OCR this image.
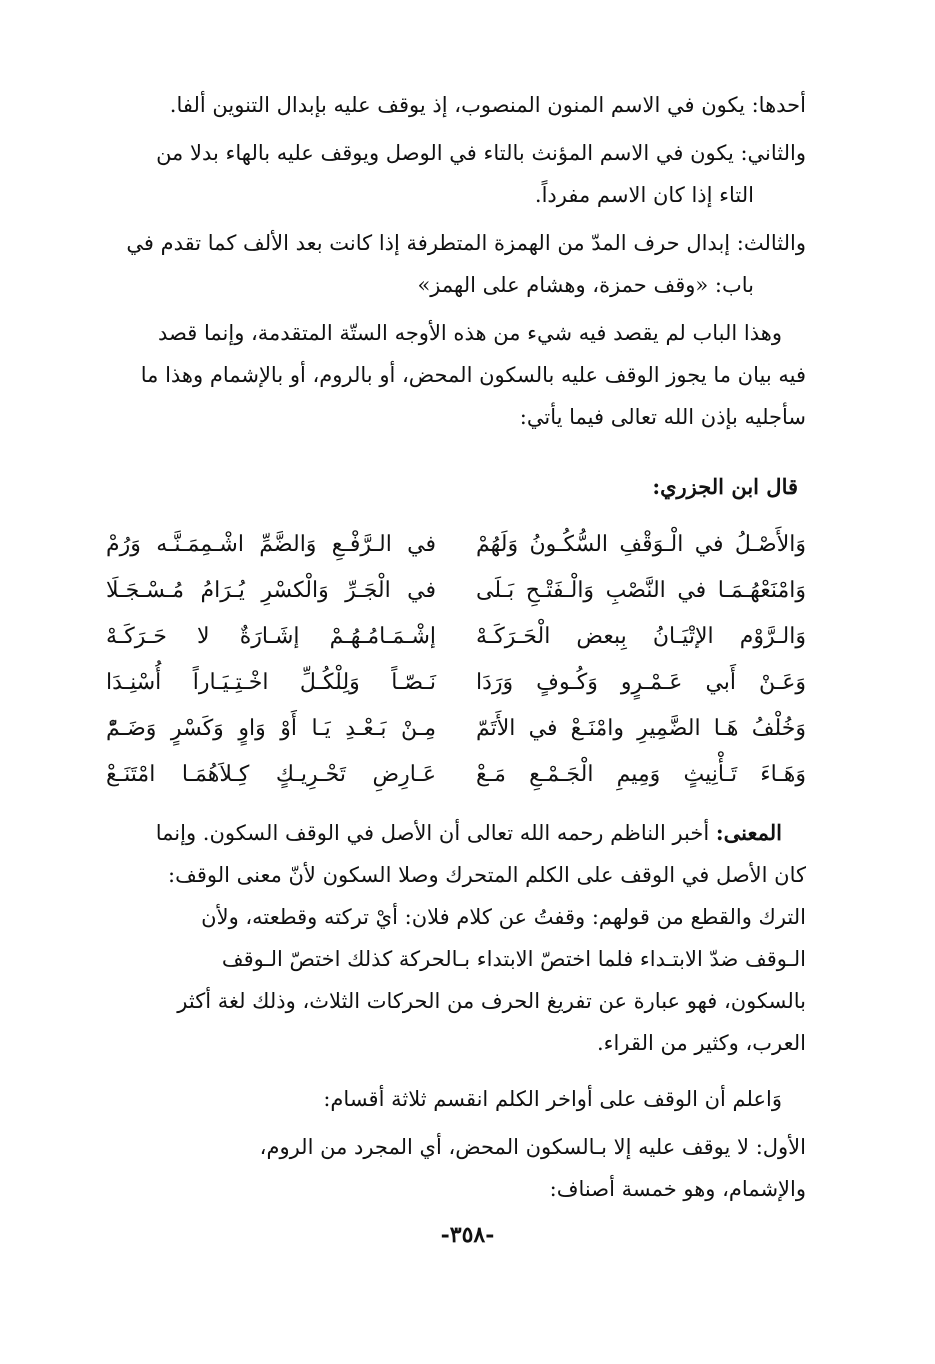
أحدها: يكون في الاسم المنون المنصوب، إذ يوقف عليه بإبدال التنوين ألفا.
والثاني: يكون في الاسم المؤنث بالتاء في الوصل ويوقف عليه بالهاء بدلا من

التاء إذا كان الاسم مفرداً.
والثالث: إبدال حرف المدّ من الهمزة المتطرفة إذا كانت بعد الألف كما تقدم في

باب: «وقف حمزة، وهشام على الهمز»
وهذا الباب لم يقصد فيه شيء من هذه الأوجه الستّة المتقدمة، وإنما قصد
فيه بيان ما يجوز الوقف عليه بالسكون المحض، أو بالروم، أو بالإشمام وهذا ما
سأجليه بإذن الله تعالى فيما يأتي:
قال ابن الجزري:
وَالأَصْـلُ في الْـوَقْفِ السُّكُـونُ وَلَهُمْ
في الـرَّفْـعِ وَالضَّمِّ اشْـمِمَـنَّـه وَرُمْ
وَامْنَعْهُـمَـا في النَّصْبِ وَالْـفَتْـحِ بَـلَى
في الْجَـرِّ وَالْكسْرِ يُـرَامُ مُـسْـجَـلَا
وَالـرَّوْم الإتْيَـانُ بِبعض الْحَـرَكَـهْ
إشْـمَـامُـهُـمْ إشَـارَةٌ لا حَـرَكَـهْ
وَعَـنْ أَبي عَـمْـرٍو وَكُـوفٍ وَرَدَا
نَـصّـاً وَلِلْكُـلِّ اخْـتِـيَـاراً أُسْنِـدَا
وَخُلْفُ هَـا الضَّمِيرِ وامْنَـعْ في الأَتَمّ
مِـنْ بَـعْـدِ يَـا أَوْ وَاوٍ وَكَسْرٍ وَضَـمّْ
وَهَـاءَ تَـأْنِيثٍ وَمِيمِ الْجَـمْـعِ مَـعْ
عَـارِضِ تَحْـرِيـكٍ كِـلاَهُمَـا امْتَنَـعْ
المعنى: أخبر الناظم رحمه الله تعالى أن الأصل في الوقف السكون. وإنما
كان الأصل في الوقف على الكلم المتحرك وصلا السكون لأنّ معنى الوقف:
الترك والقطع من قولهم: وقفتُ عن كلام فلان: أيْ تركته وقطعته، ولأن
الـوقف ضدّ الابتـداء فلما اختصّ الابتداء بـالحركة كذلك اختصّ الـوقف
بالسكون، فهو عبارة عن تفريغ الحرف من الحركات الثلاث، وذلك لغة أكثر
العرب، وكثير من القراء.
وَاعلم أن الوقف على أواخر الكلم انقسم ثلاثة أقسام:
الأول: لا يوقف عليه إلا بـالسكون المحض، أي المجرد من الروم،
والإشمام، وهو خمسة أصناف:
-٣٥٨-
